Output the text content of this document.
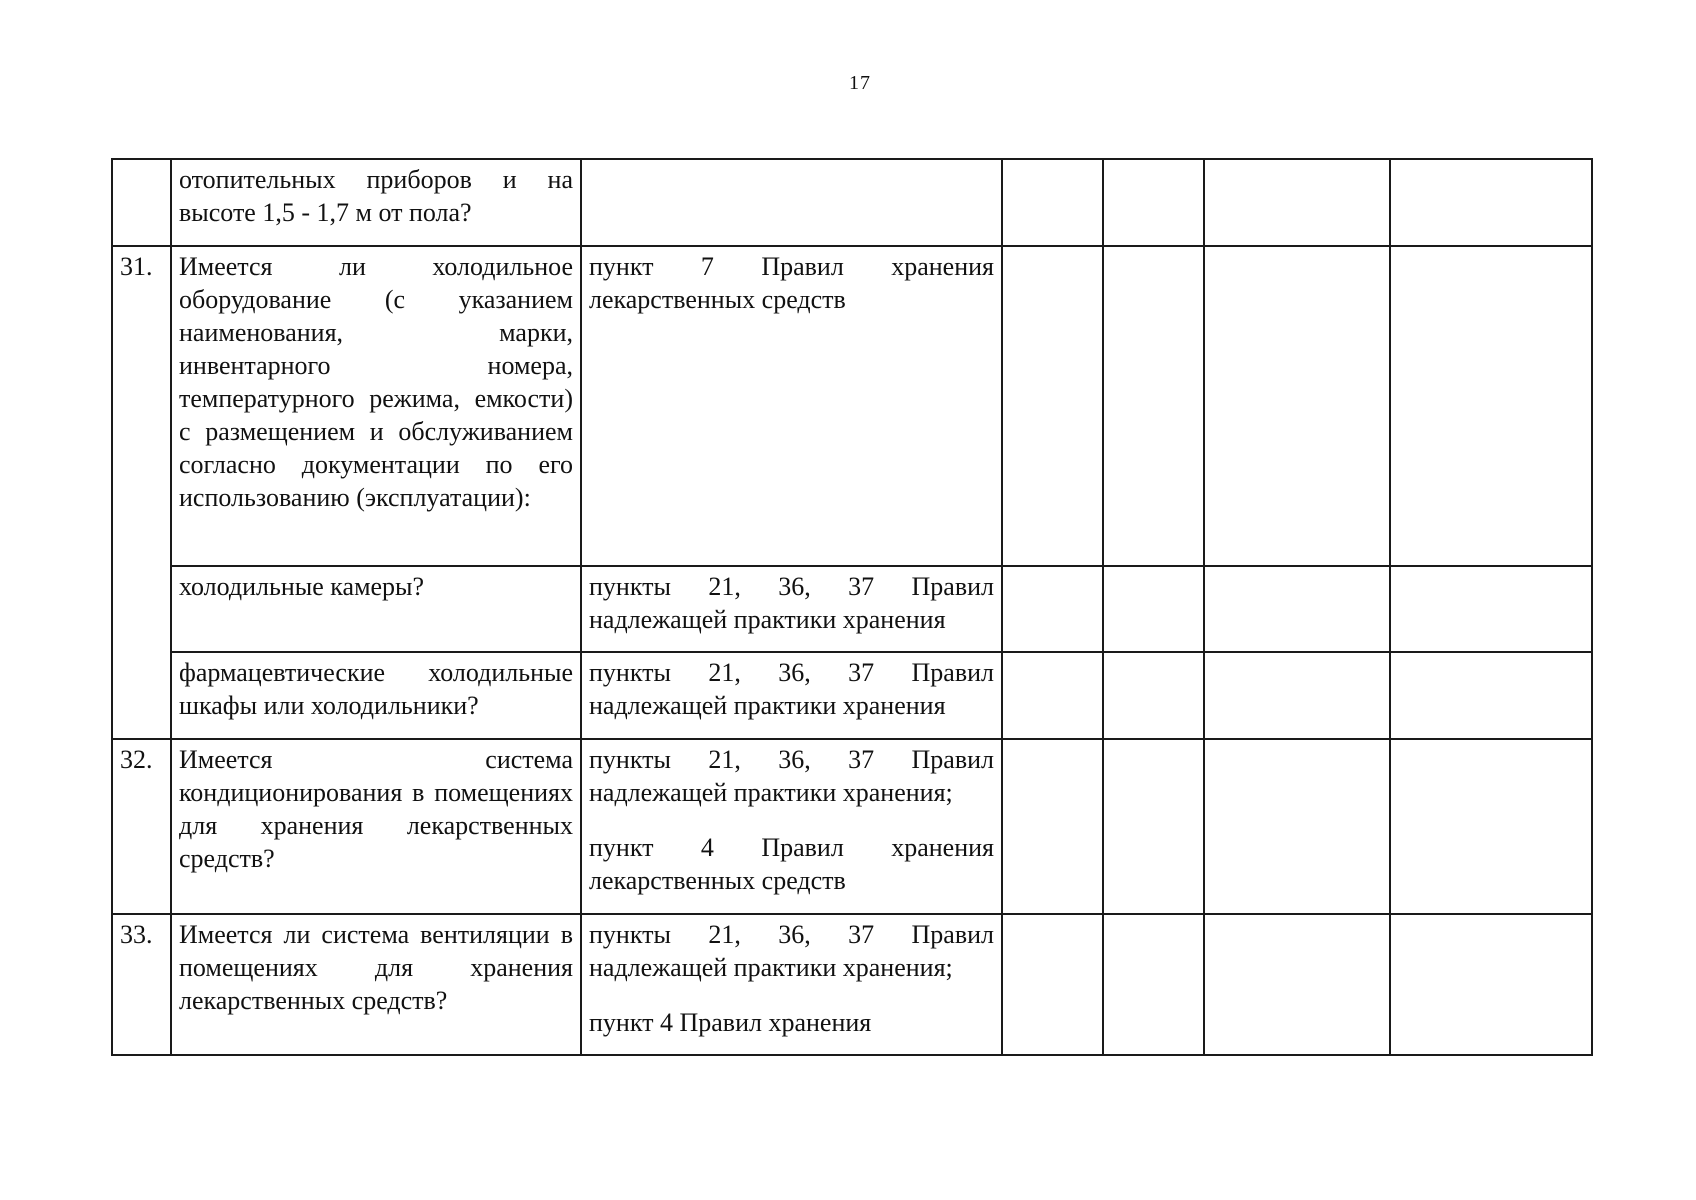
17
	отопительных приборов и на высоте 1,5 - 1,7 м от пола?					
31.	Имеется ли холодильное оборудование (с указанием наименования, марки, инвентарного номера, температурного режима, емкости) с размещением и обслуживанием согласно документации по его использованию (эксплуатации):	пункт 7 Правил хранения лекарственных средств				

	холодильные камеры?	пункты 21, 36, 37 Правил надлежащей практики хранения				

	фармацевтические холодильные шкафы или холодильники?	пункты 21, 36, 37 Правил надлежащей практики хранения				

32.	Имеется система кондиционирования в помещениях для хранения лекарственных средств?	пункты 21, 36, 37 Правил надлежащей практики хранения;
пункт 4 Правил хранения лекарственных средств				

33.	Имеется ли система вентиляции в помещениях для хранения лекарственных средств?	пункты 21, 36, 37 Правил надлежащей практики хранения;
пункт 4 Правил хранения				
